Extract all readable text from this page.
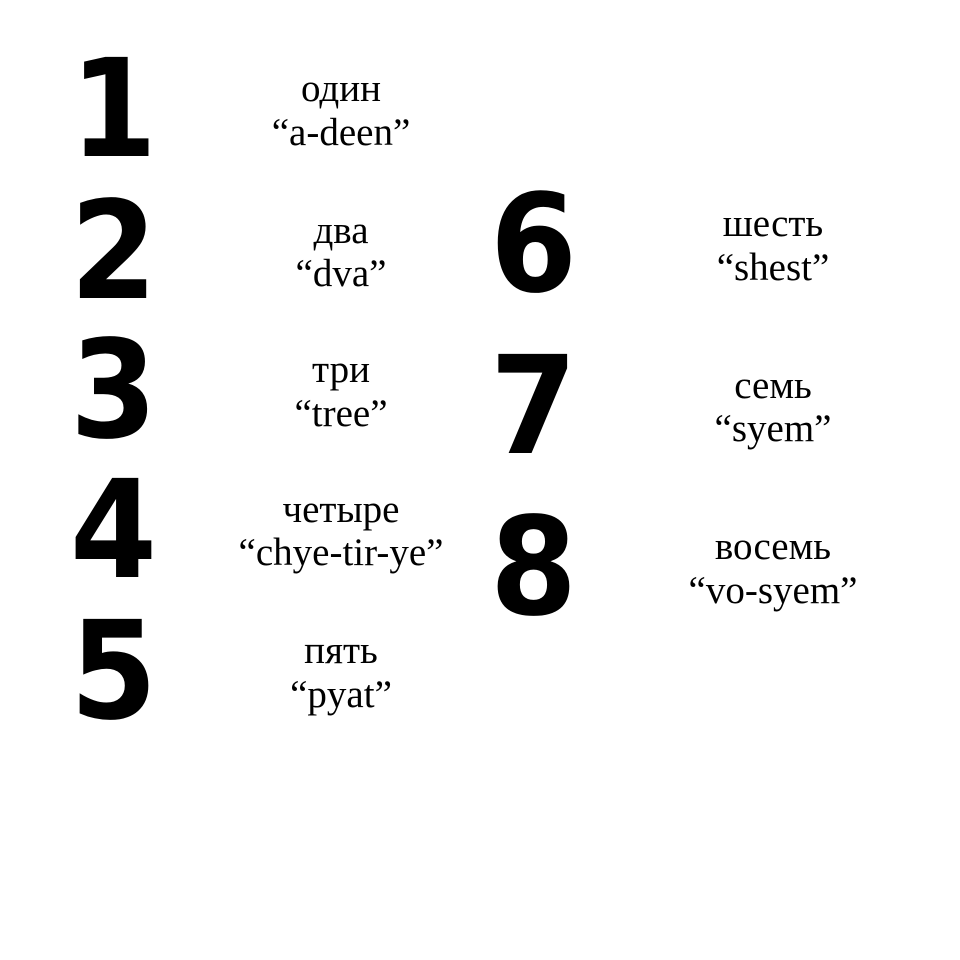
1	один
“a-deen”
2	два
“dva”
3	три
“tree”
4	четыре
“chye-tir-ye”
5	пять
“pyat”
6	шесть
“shest”
7	семь
“syem”
8	восемь
“vo-syem”
